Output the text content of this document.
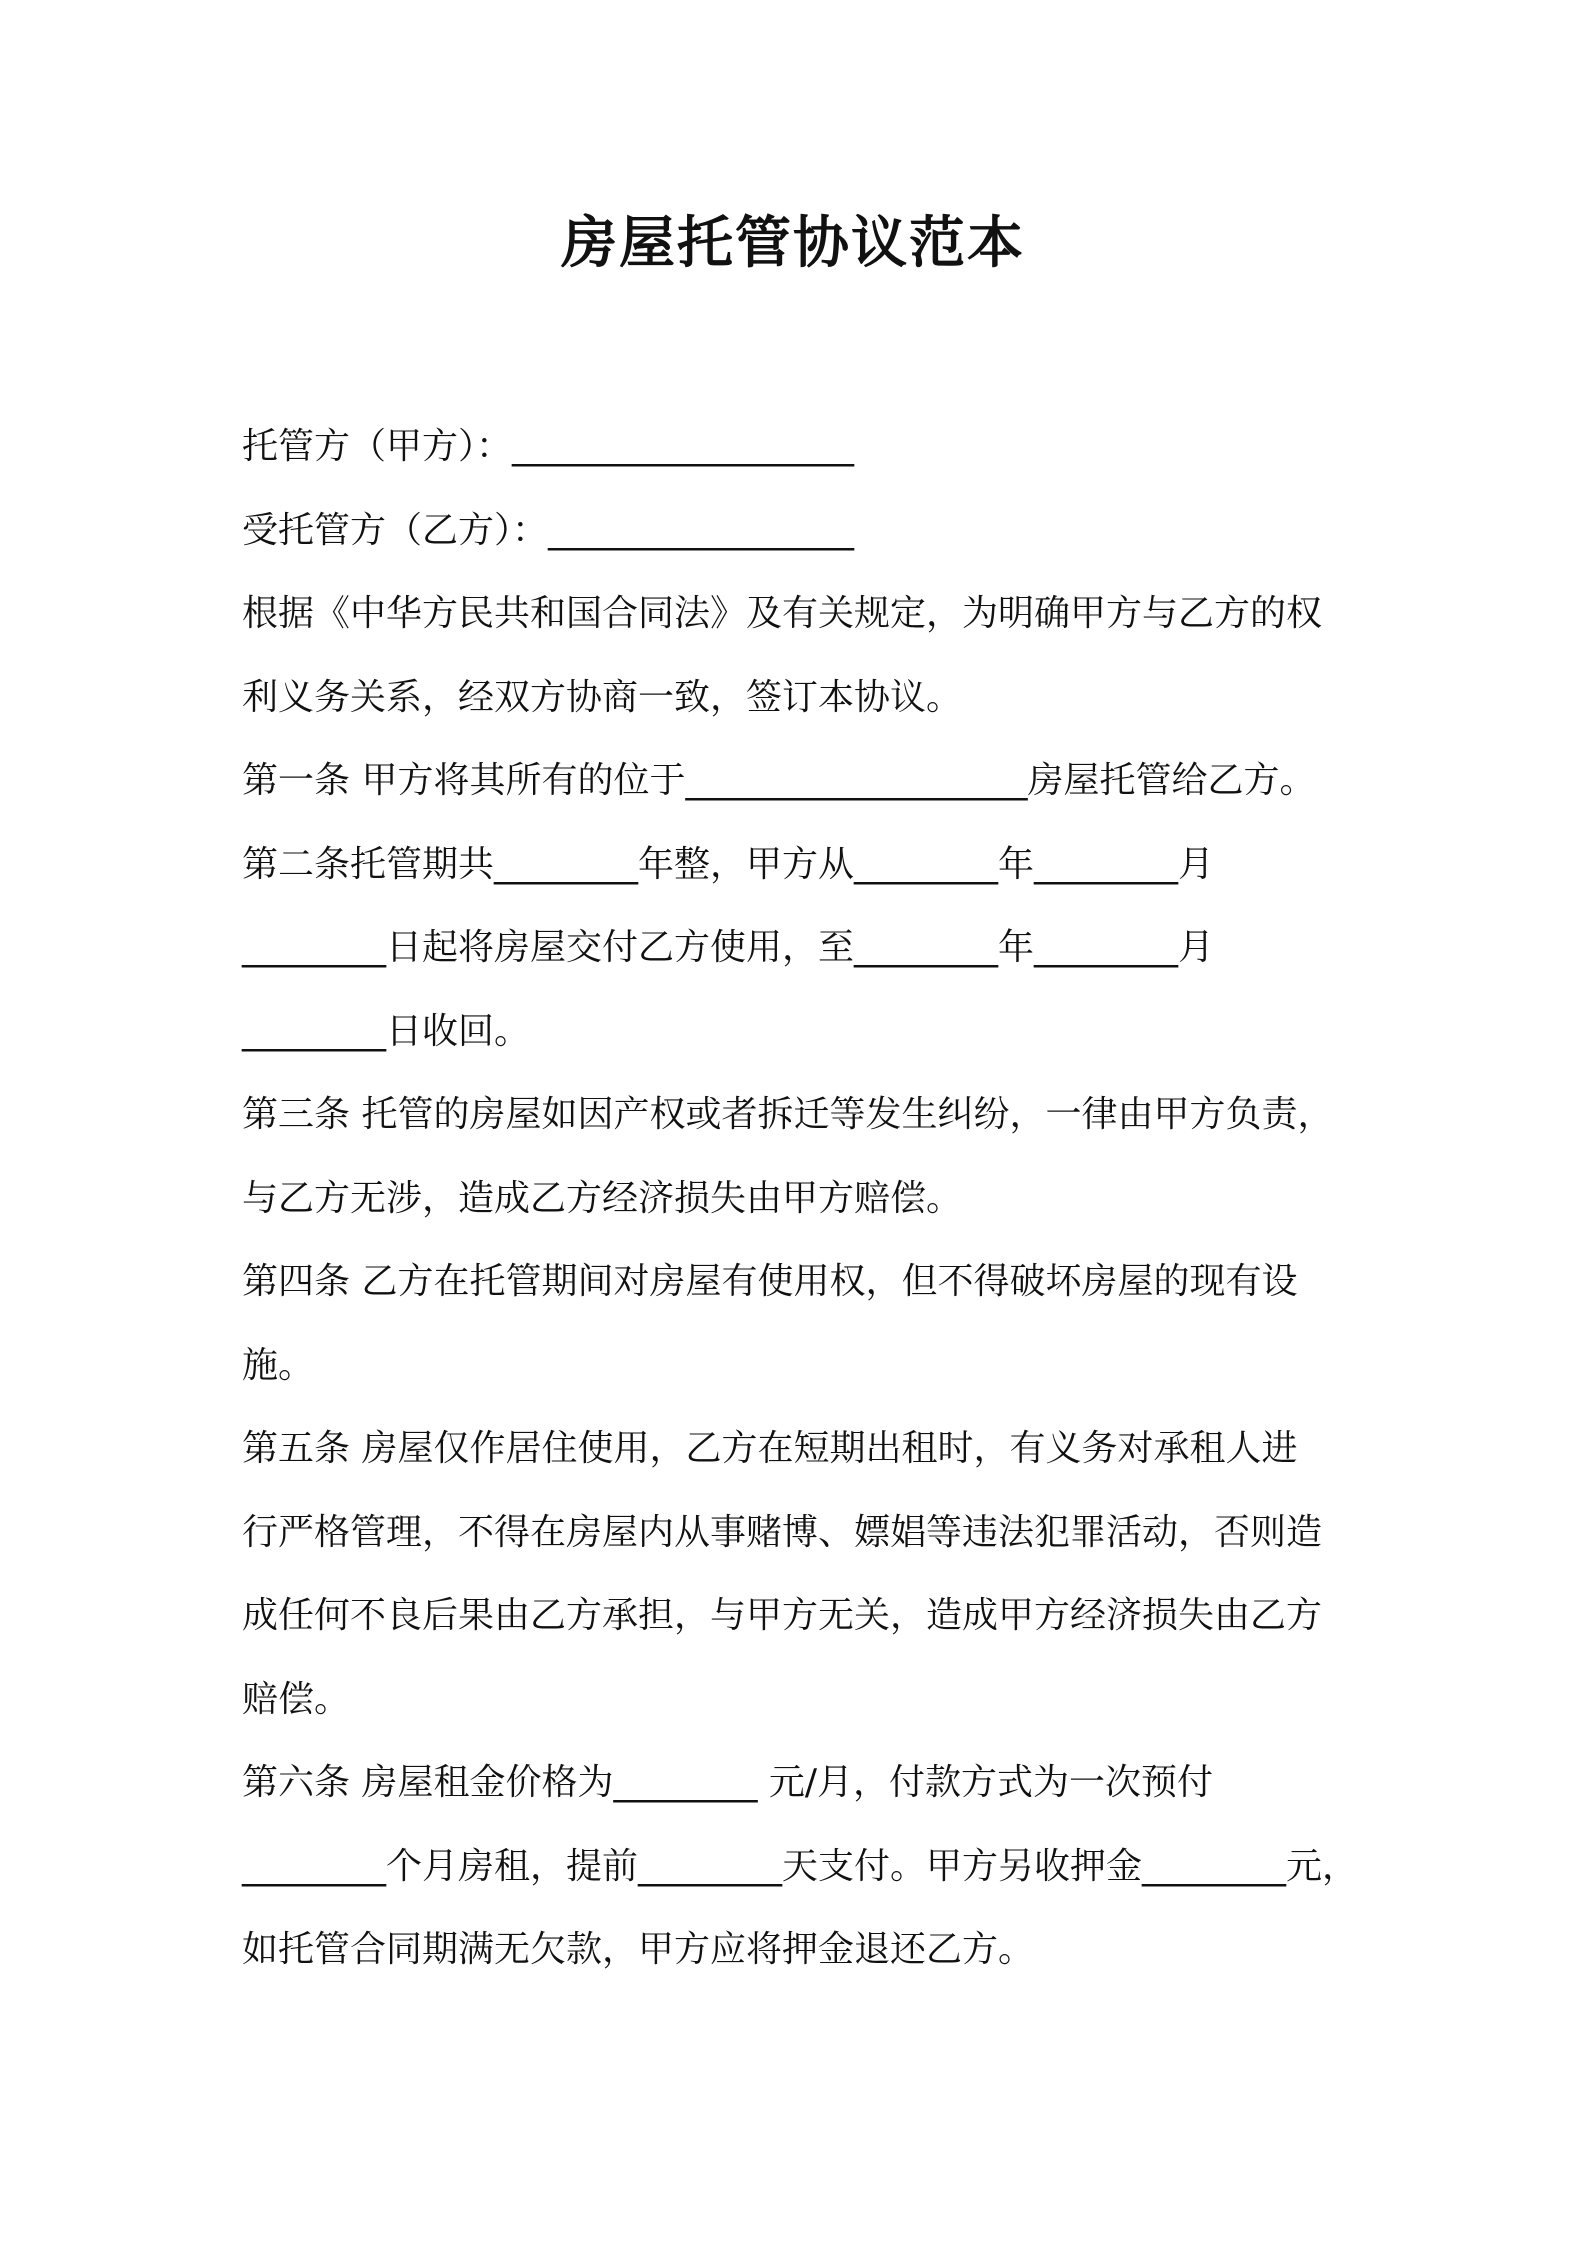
房屋托管协议范本
托管方（甲方）：___________________
受托管方（乙方）：_________________
根据《中华方民共和国合同法》及有关规定，为明确甲方与乙方的权
利义务关系，经双方协商一致，签订本协议。
第一条 甲方将其所有的位于___________________房屋托管给乙方。
第二条托管期共________年整，甲方从________年________月
________日起将房屋交付乙方使用，至________年________月
________日收回。
第三条 托管的房屋如因产权或者拆迁等发生纠纷，一律由甲方负责，
与乙方无涉，造成乙方经济损失由甲方赔偿。
第四条 乙方在托管期间对房屋有使用权，但不得破坏房屋的现有设
施。
第五条 房屋仅作居住使用，乙方在短期出租时，有义务对承租人进
行严格管理，不得在房屋内从事赌博、嫖娼等违法犯罪活动，否则造
成任何不良后果由乙方承担，与甲方无关，造成甲方经济损失由乙方
赔偿。
第六条 房屋租金价格为________ 元/月，付款方式为一次预付
________个月房租，提前________天支付。甲方另收押金________元，
如托管合同期满无欠款，甲方应将押金退还乙方。
